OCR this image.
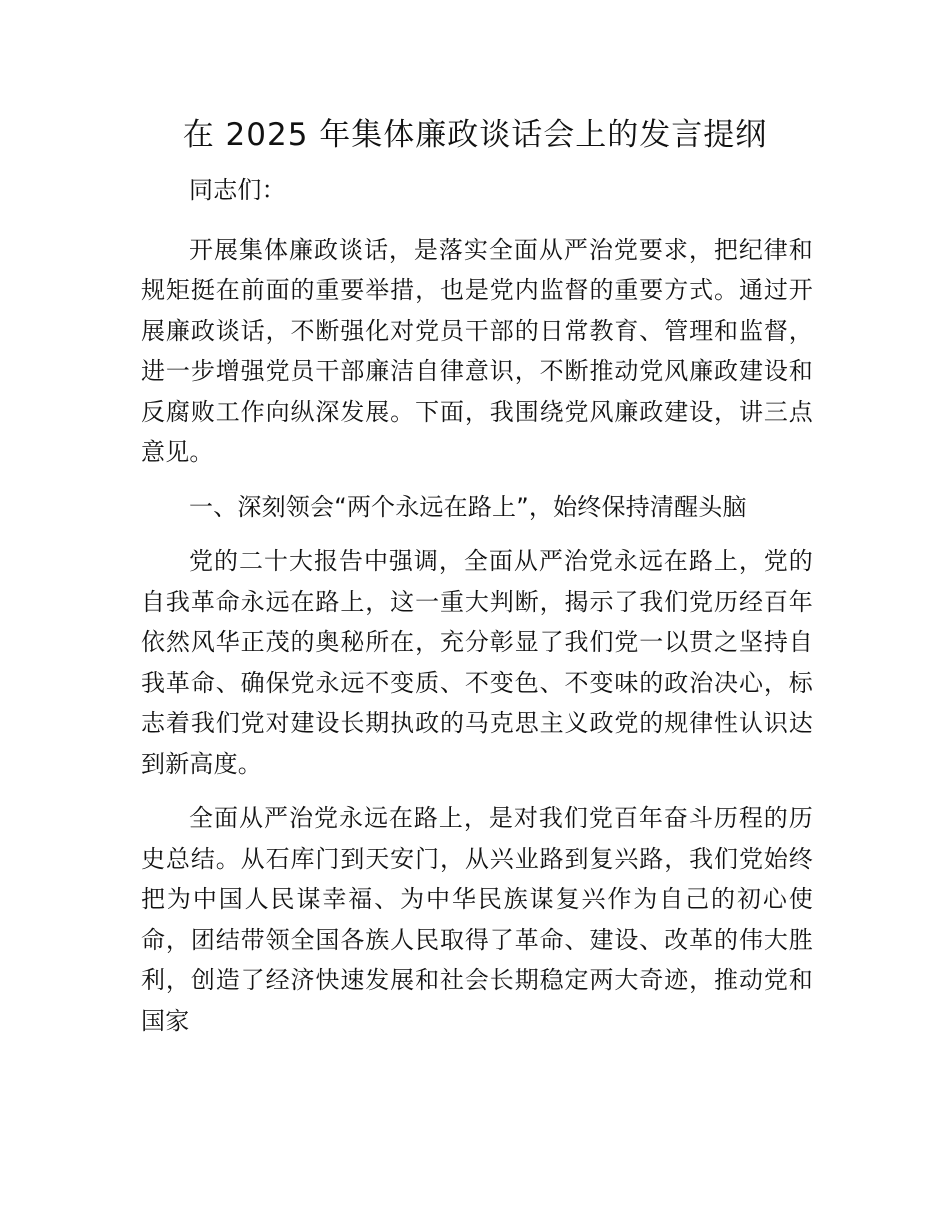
在 2025 年集体廉政谈话会上的发言提纲

同志们：

开展集体廉政谈话，是落实全面从严治党要求，把纪律和规矩挺在前面的重要举措，也是党内监督的重要方式。通过开展廉政谈话，不断强化对党员干部的日常教育、管理和监督，进一步增强党员干部廉洁自律意识，不断推动党风廉政建设和反腐败工作向纵深发展。下面，我围绕党风廉政建设，讲三点意见。

一、深刻领会“两个永远在路上”，始终保持清醒头脑

党的二十大报告中强调，全面从严治党永远在路上，党的自我革命永远在路上，这一重大判断，揭示了我们党历经百年依然风华正茂的奥秘所在，充分彰显了我们党一以贯之坚持自我革命、确保党永远不变质、不变色、不变味的政治决心，标志着我们党对建设长期执政的马克思主义政党的规律性认识达到新高度。

全面从严治党永远在路上，是对我们党百年奋斗历程的历史总结。从石库门到天安门，从兴业路到复兴路，我们党始终把为中国人民谋幸福、为中华民族谋复兴作为自己的初心使命，团结带领全国各族人民取得了革命、建设、改革的伟大胜利，创造了经济快速发展和社会长期稳定两大奇迹，推动党和国家
